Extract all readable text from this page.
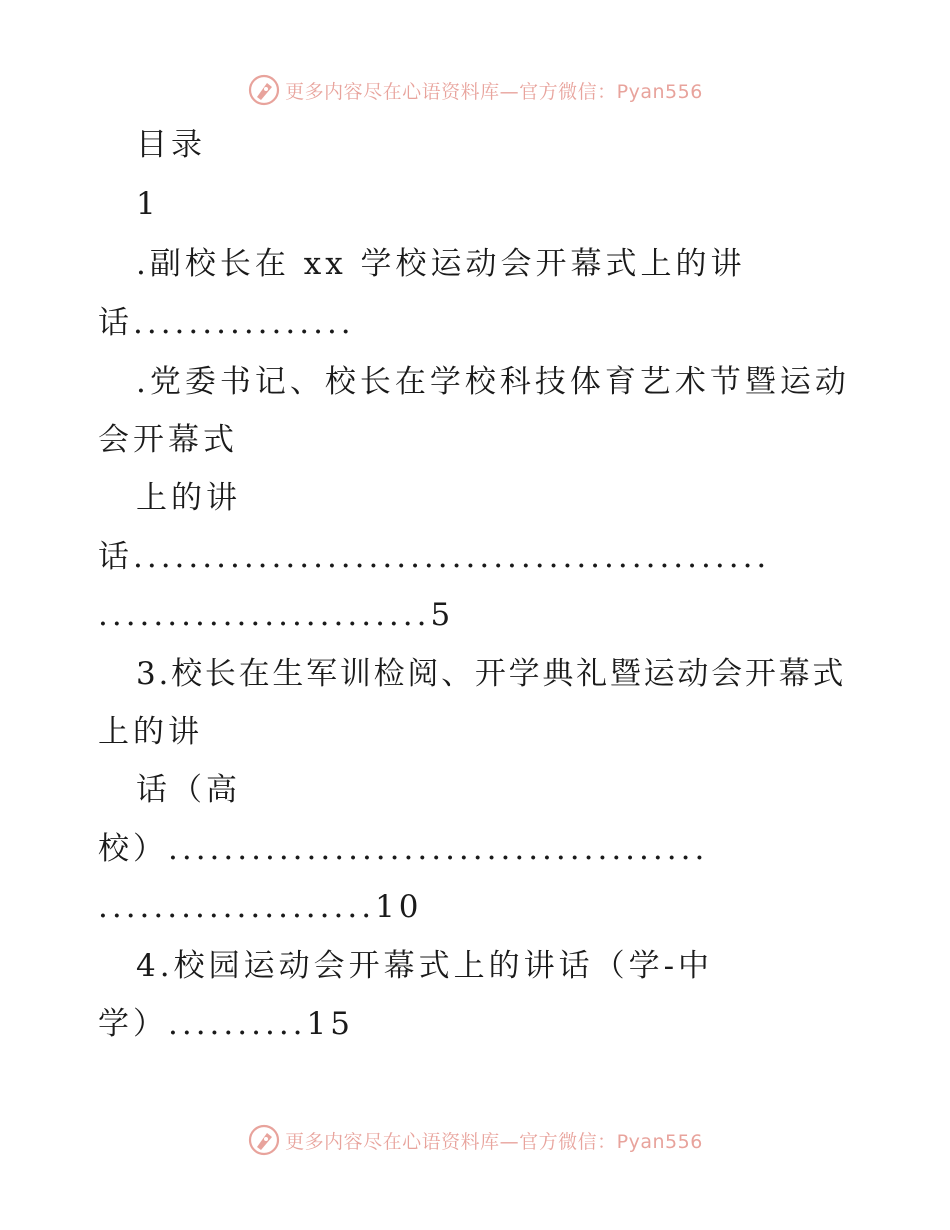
更多内容尽在心语资料库—官方微信：Pyan556
目录
1
.副校长在 xx 学校运动会开幕式上的讲
话................
.党委书记、校长在学校科技体育艺术节暨运动
会开幕式
上的讲
话..............................................
........................5
3.校长在生军训检阅、开学典礼暨运动会开幕式
上的讲
话（高
校）.......................................
....................10
4.校园运动会开幕式上的讲话（学-中
学）..........15
更多内容尽在心语资料库—官方微信：Pyan556
